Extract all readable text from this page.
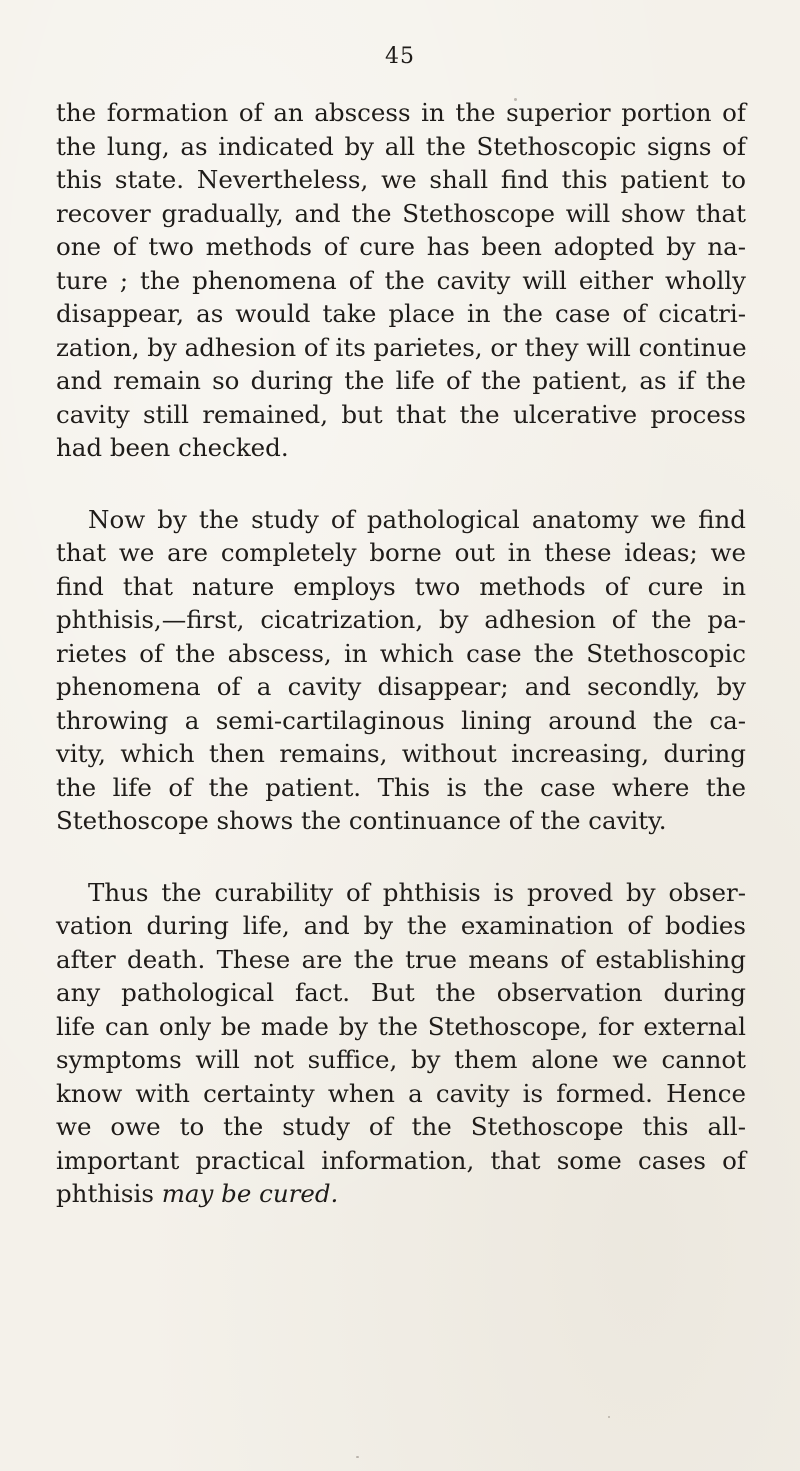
45
the formation of an abscess in the superior portion of
the lung, as indicated by all the Stethoscopic signs of
this state. Nevertheless, we shall find this patient to
recover gradually, and the Stethoscope will show that
one of two methods of cure has been adopted by na-
ture ; the phenomena of the cavity will either wholly
disappear, as would take place in the case of cicatri-
zation, by adhesion of its parietes, or they will continue
and remain so during the life of the patient, as if the
cavity still remained, but that the ulcerative process
had been checked.
Now by the study of pathological anatomy we find
that we are completely borne out in these ideas; we
find that nature employs two methods of cure in
phthisis,—first, cicatrization, by adhesion of the pa-
rietes of the abscess, in which case the Stethoscopic
phenomena of a cavity disappear; and secondly, by
throwing a semi-cartilaginous lining around the ca-
vity, which then remains, without increasing, during
the life of the patient. This is the case where the
Stethoscope shows the continuance of the cavity.
Thus the curability of phthisis is proved by obser-
vation during life, and by the examination of bodies
after death. These are the true means of establishing
any pathological fact. But the observation during
life can only be made by the Stethoscope, for external
symptoms will not suffice, by them alone we cannot
know with certainty when a cavity is formed. Hence
we owe to the study of the Stethoscope this all-
important practical information, that some cases of
phthisis may be cured.
